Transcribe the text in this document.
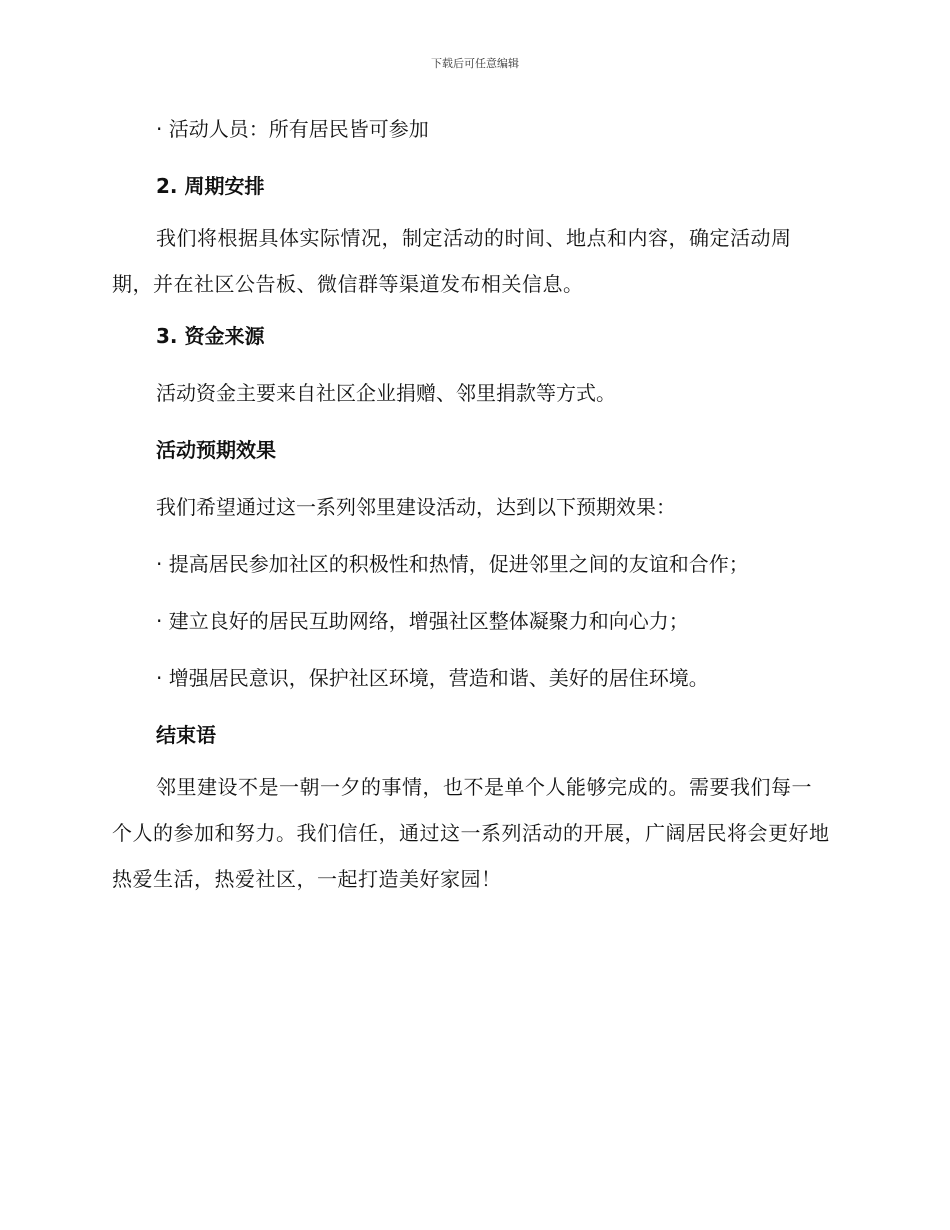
下载后可任意编辑

· 活动人员：所有居民皆可参加

2. 周期安排

我们将根据具体实际情况，制定活动的时间、地点和内容，确定活动周期，并在社区公告板、微信群等渠道发布相关信息。

3. 资金来源

活动资金主要来自社区企业捐赠、邻里捐款等方式。

活动预期效果

我们希望通过这一系列邻里建设活动，达到以下预期效果：

· 提高居民参加社区的积极性和热情，促进邻里之间的友谊和合作；

· 建立良好的居民互助网络，增强社区整体凝聚力和向心力；

· 增强居民意识，保护社区环境，营造和谐、美好的居住环境。

结束语

邻里建设不是一朝一夕的事情，也不是单个人能够完成的。需要我们每一个人的参加和努力。我们信任，通过这一系列活动的开展，广阔居民将会更好地热爱生活，热爱社区，一起打造美好家园！
